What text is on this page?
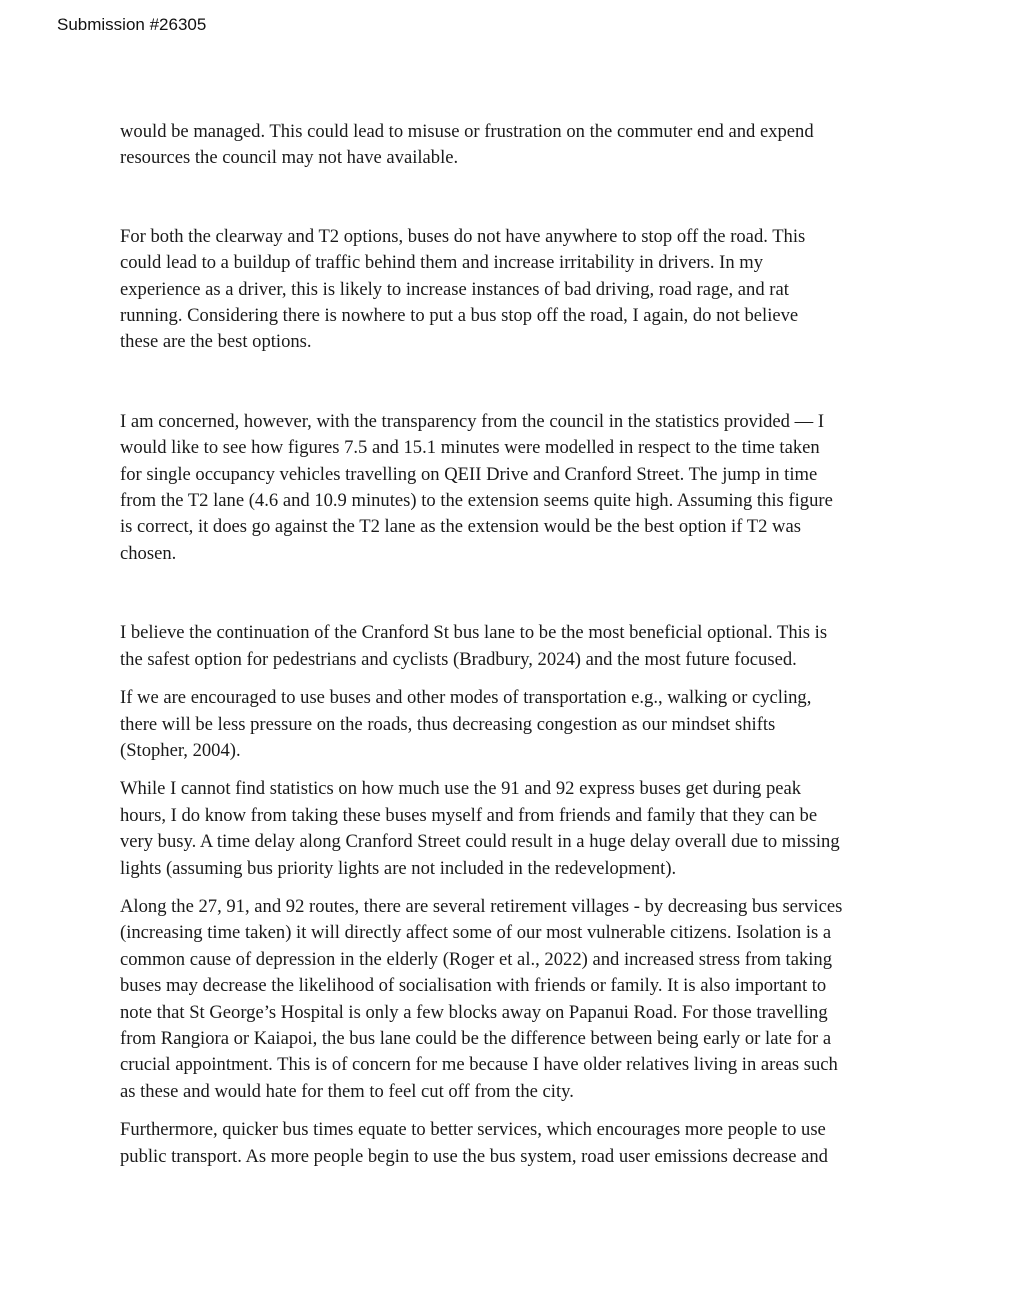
Submission #26305

would be managed. This could lead to misuse or frustration on the commuter end and expend
resources the council may not have available.

For both the clearway and T2 options, buses do not have anywhere to stop off the road. This
could lead to a buildup of traffic behind them and increase irritability in drivers. In my
experience as a driver, this is likely to increase instances of bad driving, road rage, and rat
running. Considering there is nowhere to put a bus stop off the road, I again, do not believe
these are the best options.

I am concerned, however, with the transparency from the council in the statistics provided — I
would like to see how figures 7.5 and 15.1 minutes were modelled in respect to the time taken
for single occupancy vehicles travelling on QEII Drive and Cranford Street. The jump in time
from the T2 lane (4.6 and 10.9 minutes) to the extension seems quite high. Assuming this figure
is correct, it does go against the T2 lane as the extension would be the best option if T2 was
chosen.

I believe the continuation of the Cranford St bus lane to be the most beneficial optional. This is
the safest option for pedestrians and cyclists (Bradbury, 2024) and the most future focused.

If we are encouraged to use buses and other modes of transportation e.g., walking or cycling,
there will be less pressure on the roads, thus decreasing congestion as our mindset shifts
(Stopher, 2004).

While I cannot find statistics on how much use the 91 and 92 express buses get during peak
hours, I do know from taking these buses myself and from friends and family that they can be
very busy. A time delay along Cranford Street could result in a huge delay overall due to missing
lights (assuming bus priority lights are not included in the redevelopment).

Along the 27, 91, and 92 routes, there are several retirement villages - by decreasing bus services
(increasing time taken) it will directly affect some of our most vulnerable citizens. Isolation is a
common cause of depression in the elderly (Roger et al., 2022) and increased stress from taking
buses may decrease the likelihood of socialisation with friends or family. It is also important to
note that St George’s Hospital is only a few blocks away on Papanui Road. For those travelling
from Rangiora or Kaiapoi, the bus lane could be the difference between being early or late for a
crucial appointment. This is of concern for me because I have older relatives living in areas such
as these and would hate for them to feel cut off from the city.

Furthermore, quicker bus times equate to better services, which encourages more people to use
public transport. As more people begin to use the bus system, road user emissions decrease and
